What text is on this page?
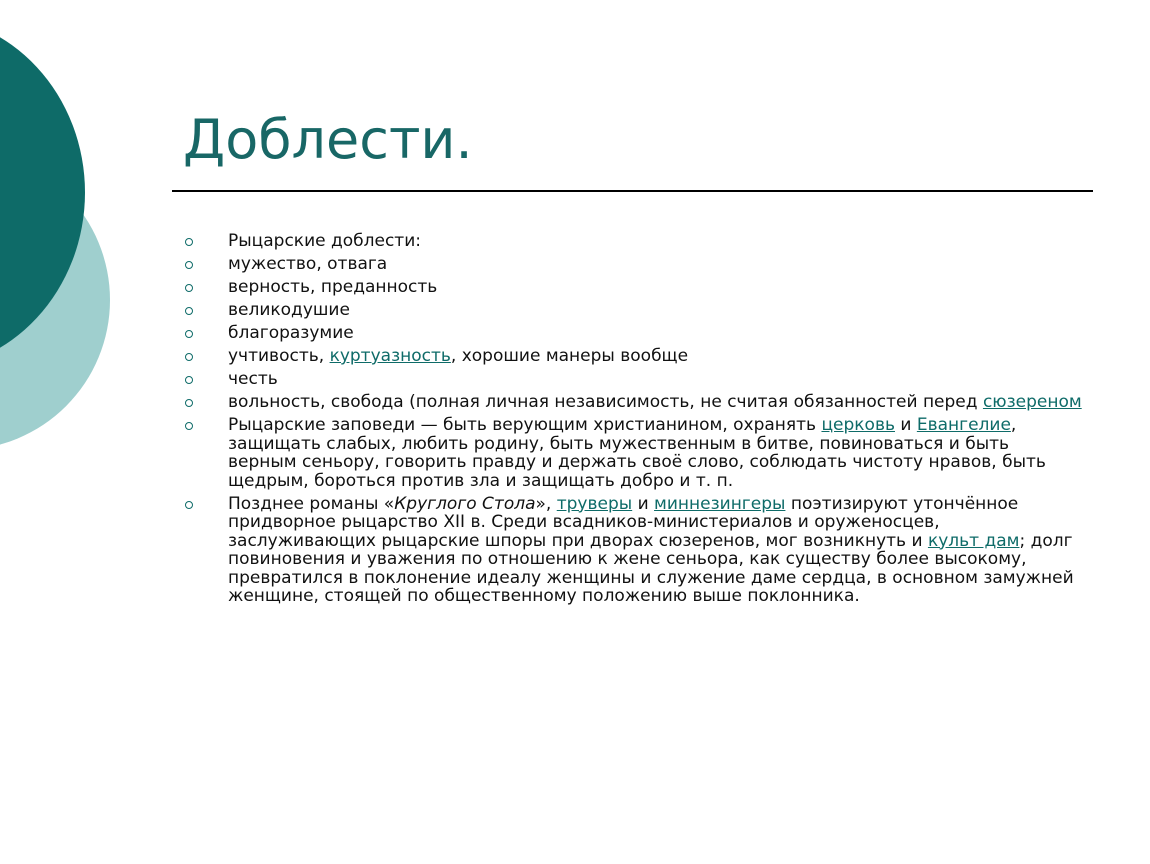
Доблести.
Рыцарские доблести:
мужество, отвага
верность, преданность
великодушие
благоразумие
учтивость, куртуазность, хорошие манеры вообще
честь
вольность, свобода (полная личная независимость, не считая обязанностей перед сюзереном
Рыцарские заповеди — быть верующим христианином, охранять церковь и Евангелие, защищать слабых, любить родину, быть мужественным в битве, повиноваться и быть верным сеньору, говорить правду и держать своё слово, соблюдать чистоту нравов, быть щедрым, бороться против зла и защищать добро и т. п.
Позднее романы «Круглого Стола», труверы и миннезингеры поэтизируют утончённое придворное рыцарство XII в. Среди всадников-министериалов и оруженосцев, заслуживающих рыцарские шпоры при дворах сюзеренов, мог возникнуть и культ дам; долг повиновения и уважения по отношению к жене сеньора, как существу более высокому, превратился в поклонение идеалу женщины и служение даме сердца, в основном замужней женщине, стоящей по общественному положению выше поклонника.
